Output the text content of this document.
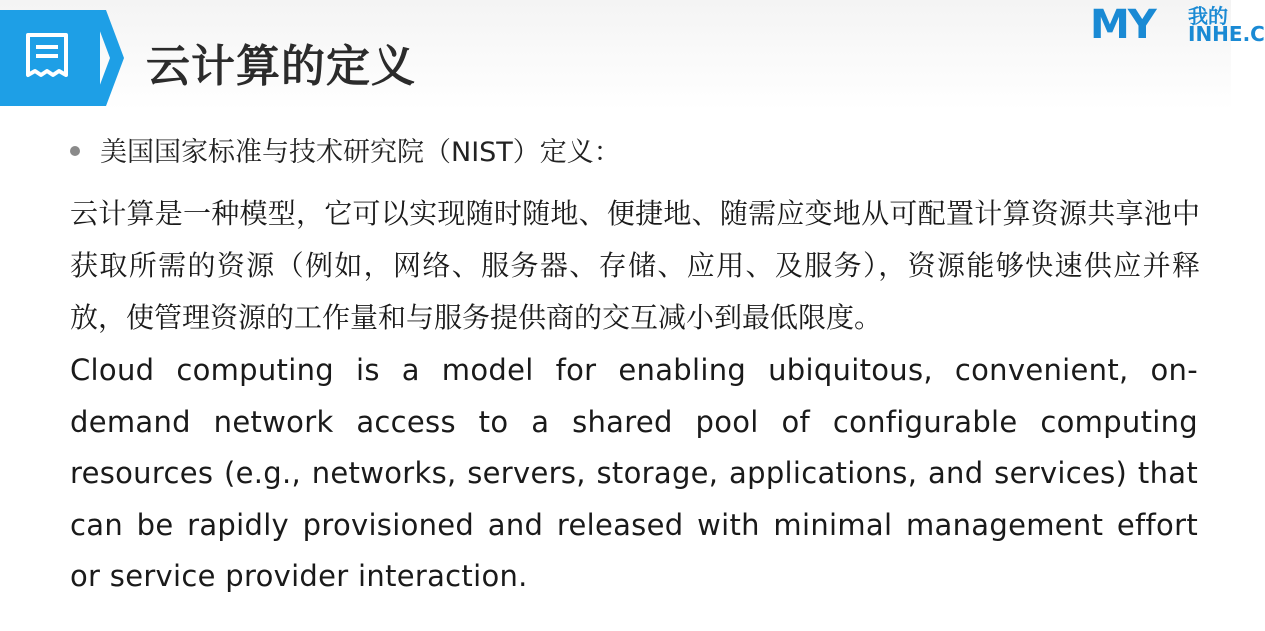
云计算的定义
MY 我的
INHE.C
美国国家标准与技术研究院（NIST）定义：
云计算是一种模型，它可以实现随时随地、便捷地、随需应变地从可配置计算资源共享池中获取所需的资源（例如，网络、服务器、存储、应用、及服务），资源能够快速供应并释放，使管理资源的工作量和与服务提供商的交互减小到最低限度。
Cloud computing is a model for enabling ubiquitous, convenient, on-demand network access to a shared pool of configurable computing resources (e.g., networks, servers, storage, applications, and services) that can be rapidly provisioned and released with minimal management effort or service provider interaction.
